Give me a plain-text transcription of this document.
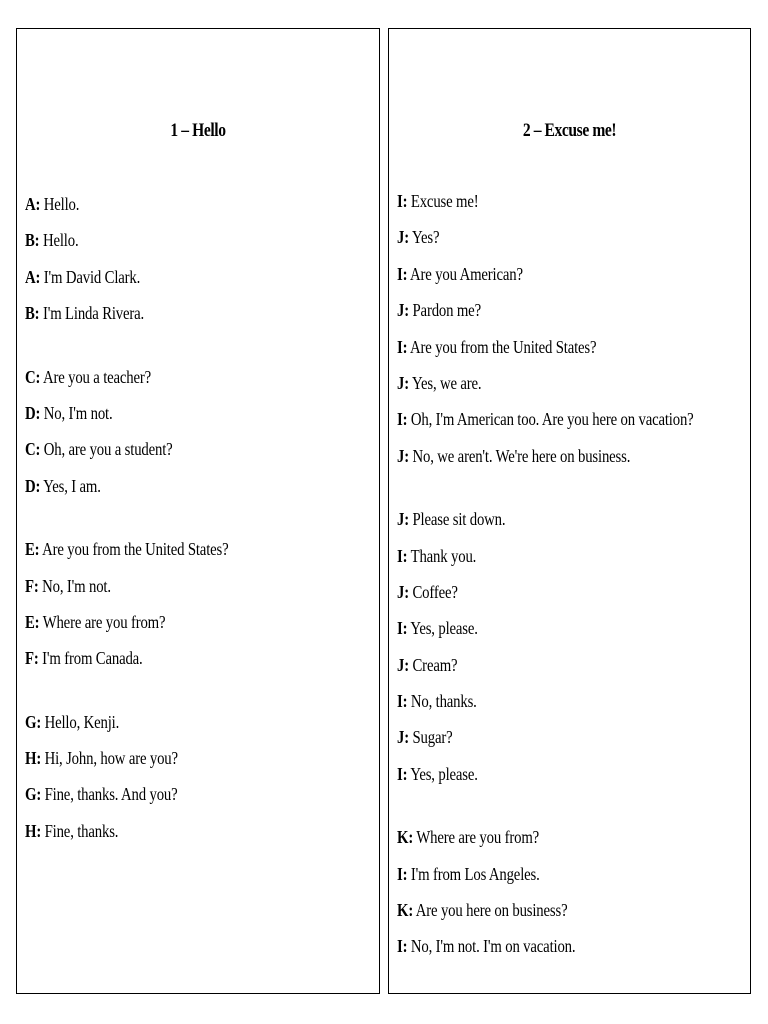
1 – Hello
A: Hello.
B: Hello.
A: I'm David Clark.
B: I'm Linda Rivera.
C: Are you a teacher?
D: No, I'm not.
C: Oh, are you a student?
D: Yes, I am.
E: Are you from the United States?
F: No, I'm not.
E: Where are you from?
F: I'm from Canada.
G: Hello, Kenji.
H: Hi, John, how are you?
G: Fine, thanks. And you?
H: Fine, thanks.
2 – Excuse me!
I: Excuse me!
J: Yes?
I: Are you American?
J: Pardon me?
I: Are you from the United States?
J: Yes, we are.
I: Oh, I'm American too. Are you here on vacation?
J: No, we aren't. We're here on business.
J: Please sit down.
I: Thank you.
J: Coffee?
I: Yes, please.
J: Cream?
I: No, thanks.
J: Sugar?
I: Yes, please.
K: Where are you from?
I: I'm from Los Angeles.
K: Are you here on business?
I: No, I'm not. I'm on vacation.
